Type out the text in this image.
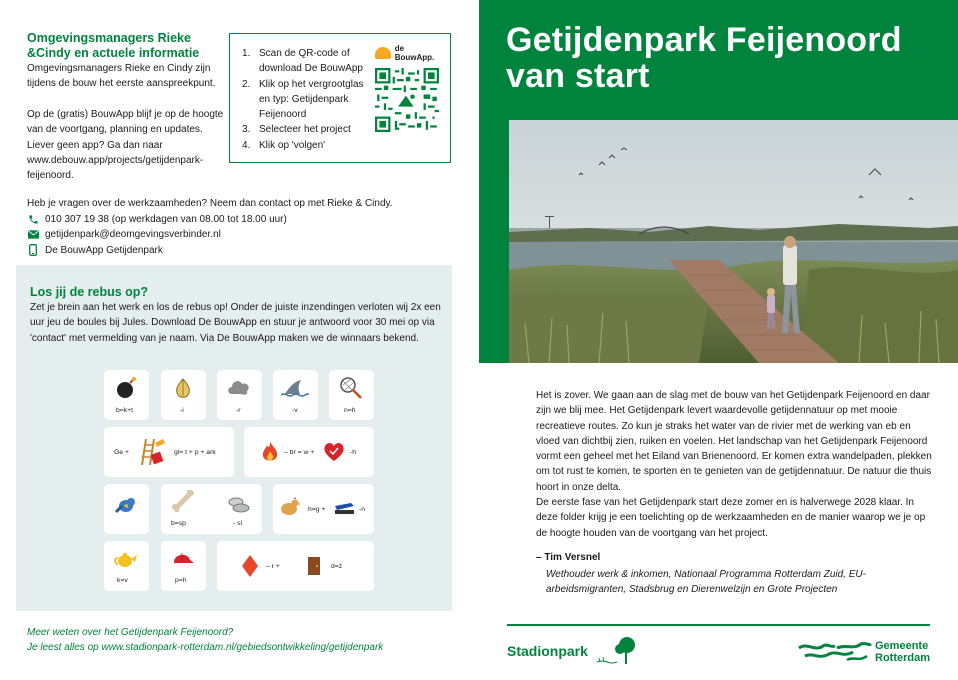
Omgevingsmanagers Rieke &Cindy en actuele informatie
Omgevingsmanagers Rieke en Cindy zijn tijdens de bouw het eerste aanspreekpunt.
Op de (gratis) BouwApp blijf je op de hoogte van de voortgang, planning en updates. Liever geen app? Ga dan naar www.debouw.app/projects/getijdenpark-feijenoord.
1. Scan de QR-code of download De BouwApp
2. Klik op het vergrootglas en typ: Getijdenpark Feijenoord
3. Selecteer het project
4. Klik op 'volgen'
de BouwApp.
Heb je vragen over de werkzaamheden? Neem dan contact op met Rieke & Cindy.
010 307 19 38 (op werkdagen van 08.00 tot 18.00 uur)
getijdenpark@deomgevingsverbinder.nl
De BouwApp Getijdenpark
Los jij de rebus op?

Zet je brein aan het werk en los de rebus op! Onder de juiste inzendingen verloten wij 2x een uur jeu de boules bij Jules. Download De BouwApp en stuur je antwoord voor 30 mei op via 'contact' met vermelding van je naam. Via De BouwApp maken we de winnaars bekend.

b=k+t	-i	-r	-v	n=h
Ge +	gl= t + p + ark	– br = w +	-h
b=sp	- sl
h=g +	-n
k=v	p=h
– r +	d=z
Meer weten over het Getijdenpark Feijenoord?
Je leest alles op www.stadionpark-rotterdam.nl/gebiedsontwikkeling/getijdenpark
Getijdenpark Feijenoord van start
Het is zover. We gaan aan de slag met de bouw van het Getijdenpark Feijenoord en daar zijn we blij mee. Het Getijdenpark levert waardevolle getijdennatuur op met mooie recreatieve routes. Zo kun je straks het water van de rivier met de werking van eb en vloed van dichtbij zien, ruiken en voelen. Het landschap van het Getijdenpark Feijenoord vormt een geheel met het Eiland van Brienenoord. Er komen extra wandelpaden, plekken om tot rust te komen, te sporten en te genieten van de getijdennatuur. De natuur die thuis hoort in onze delta.
De eerste fase van het Getijdenpark start deze zomer en is halverwege 2028 klaar. In deze folder krijg je een toelichting op de werkzaamheden en de manier waarop we je op de hoogte houden van de voortgang van het project.
– Tim Versnel
Wethouder werk & inkomen, Nationaal Programma Rotterdam Zuid, EU-arbeidsmigranten, Stadsbrug en Dierenwelzijn en Grote Projecten
Stadionpark	Gemeente
Rotterdam
